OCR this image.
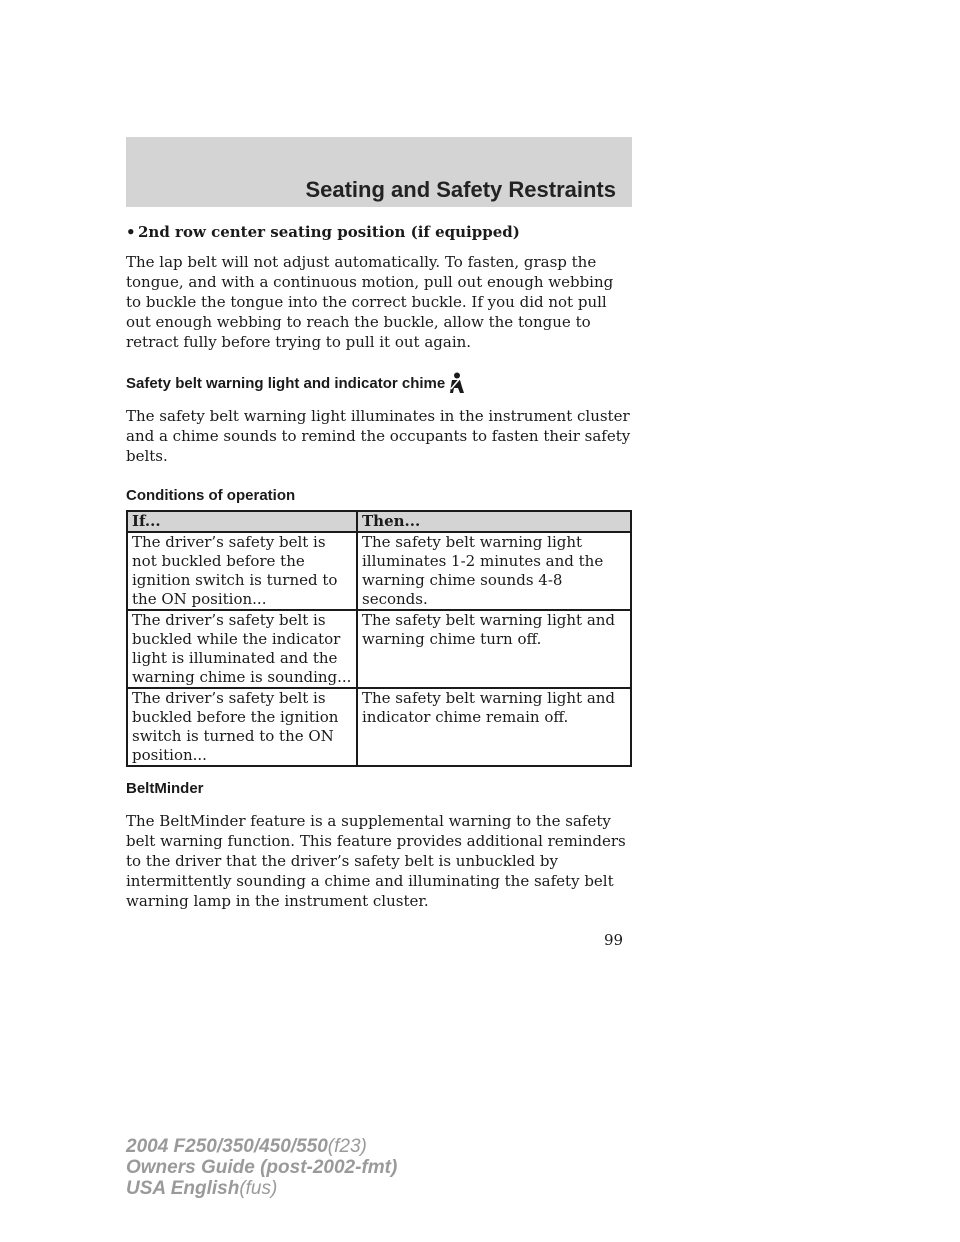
Seating and Safety Restraints
• 2nd row center seating position (if equipped)

The lap belt will not adjust automatically. To fasten, grasp the tongue, and with a continuous motion, pull out enough webbing to buckle the tongue into the correct buckle. If you did not pull out enough webbing to reach the buckle, allow the tongue to retract fully before trying to pull it out again.

Safety belt warning light and indicator chime

The safety belt warning light illuminates in the instrument cluster and a chime sounds to remind the occupants to fasten their safety belts.

Conditions of operation
If...	Then...
The driver’s safety belt is not buckled before the ignition switch is turned to the ON position...	The safety belt warning light illuminates 1-2 minutes and the warning chime sounds 4-8 seconds.
The driver’s safety belt is buckled while the indicator light is illuminated and the warning chime is sounding...	The safety belt warning light and warning chime turn off.
The driver’s safety belt is buckled before the ignition switch is turned to the ON position...	The safety belt warning light and indicator chime remain off.
BeltMinder

The BeltMinder feature is a supplemental warning to the safety belt warning function. This feature provides additional reminders to the driver that the driver’s safety belt is unbuckled by intermittently sounding a chime and illuminating the safety belt warning lamp in the instrument cluster.

99
2004 F250/350/450/550(f23)
Owners Guide (post-2002-fmt)
USA English(fus)
